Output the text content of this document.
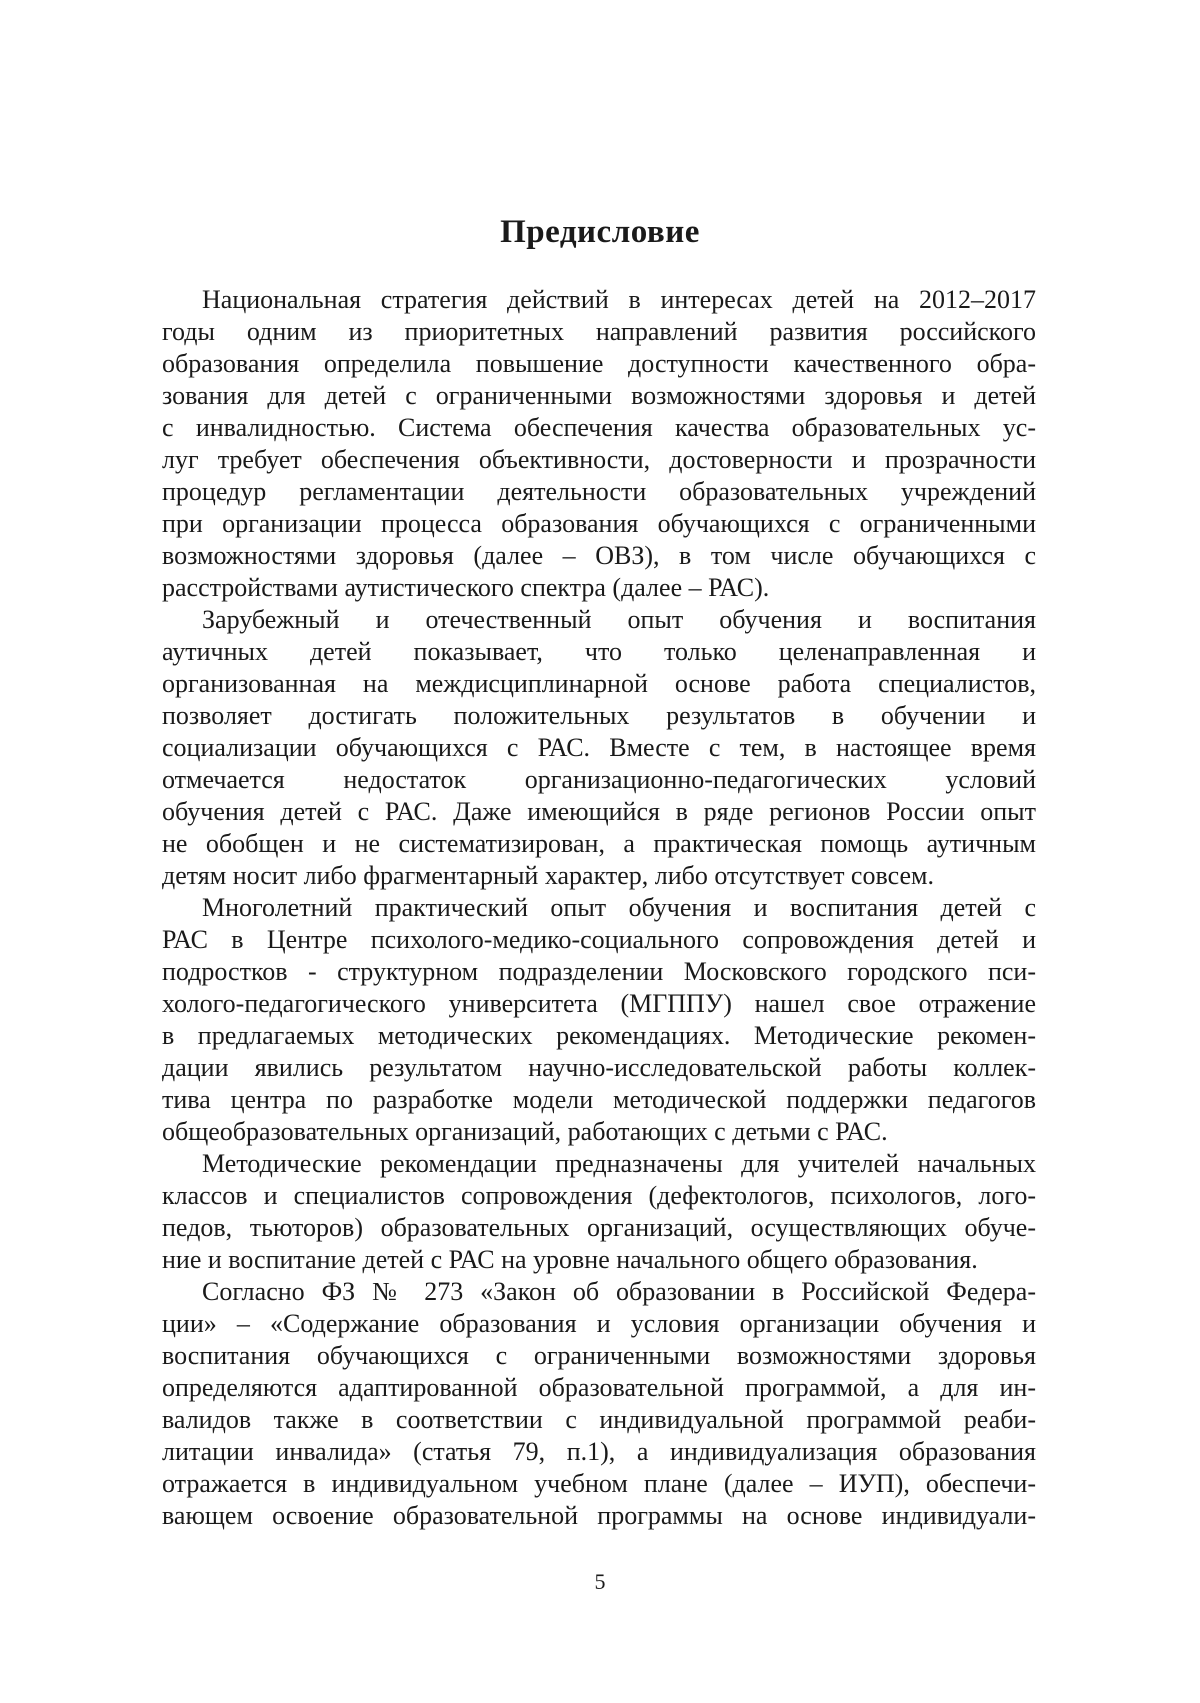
Предисловие
Национальная стратегия действий в интересах детей на 2012–2017
годы одним из приоритетных направлений развития российского
образования определила повышение доступности качественного обра-
зования для детей с ограниченными возможностями здоровья и детей
с инвалидностью. Система обеспечения качества образовательных ус-
луг требует обеспечения объективности, достоверности и прозрачности
процедур регламентации деятельности образовательных учреждений
при организации процесса образования обучающихся с ограниченными
возможностями здоровья (далее – ОВЗ), в том числе обучающихся с
расстройствами аутистического спектра (далее – РАС).
Зарубежный и отечественный опыт обучения и воспитания
аутичных детей показывает, что только целенаправленная и
организованная на междисциплинарной основе работа специалистов,
позволяет достигать положительных результатов в обучении и
социализации обучающихся с РАС. Вместе с тем, в настоящее время
отмечается недостаток организационно-педагогических условий
обучения детей с РАС. Даже имеющийся в ряде регионов России опыт
не обобщен и не систематизирован, а практическая помощь аутичным
детям носит либо фрагментарный характер, либо отсутствует совсем.
Многолетний практический опыт обучения и воспитания детей с
РАС в Центре психолого-медико-социального сопровождения детей и
подростков - структурном подразделении Московского городского пси-
холого-педагогического университета (МГППУ) нашел свое отражение
в предлагаемых методических рекомендациях. Методические рекомен-
дации явились результатом научно-исследовательской работы коллек-
тива центра по разработке модели методической поддержки педагогов
общеобразовательных организаций, работающих с детьми с РАС.
Методические рекомендации предназначены для учителей начальных
классов и специалистов сопровождения (дефектологов, психологов, лого-
педов, тьюторов) образовательных организаций, осуществляющих обуче-
ние и воспитание детей с РАС на уровне начального общего образования.
Согласно ФЗ № 273 «Закон об образовании в Российской Федера-
ции» – «Содержание образования и условия организации обучения и
воспитания обучающихся с ограниченными возможностями здоровья
определяются адаптированной образовательной программой, а для ин-
валидов также в соответствии с индивидуальной программой реаби-
литации инвалида» (статья 79, п.1), а индивидуализация образования
отражается в индивидуальном учебном плане (далее – ИУП), обеспечи-
вающем освоение образовательной программы на основе индивидуали-
5
